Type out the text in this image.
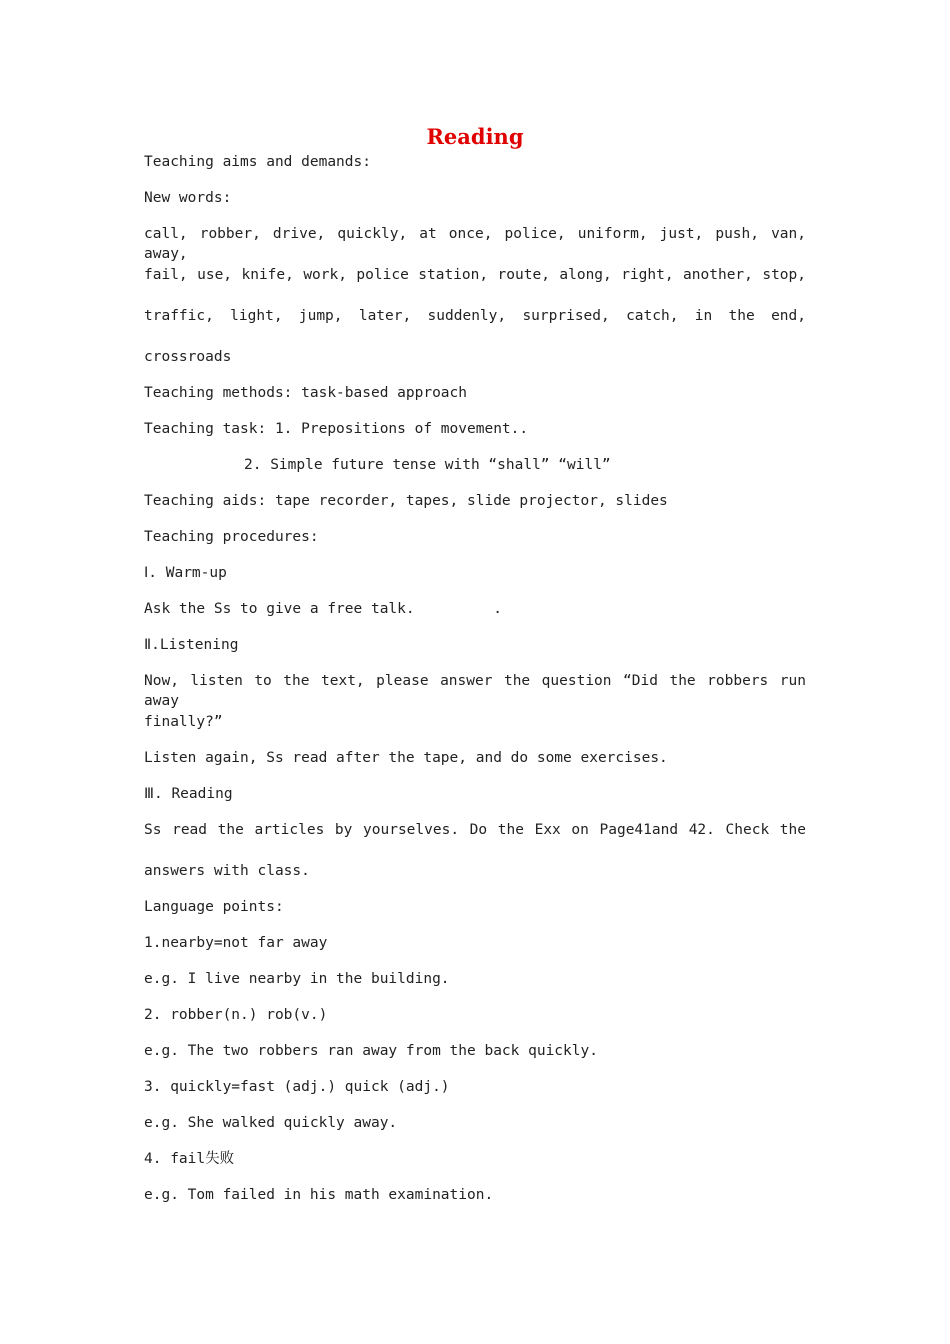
Reading
Teaching aims and demands:
New words:
call, robber, drive, quickly, at once, police, uniform, just, push, van, away,
fail, use, knife, work, police station, route, along, right, another, stop,
traffic, light, jump, later, suddenly, surprised, catch, in the end,
crossroads
Teaching methods: task-based approach
Teaching task: 1. Prepositions of movement..
2. Simple future tense with “shall” “will”
Teaching aids: tape recorder, tapes, slide projector, slides
Teaching procedures:
Ⅰ. Warm-up
Ask the Ss to give a free talk.         .
Ⅱ.Listening
Now, listen to the text, please answer the question “Did the robbers run away
finally?”
Listen again, Ss read after the tape, and do some exercises.
Ⅲ. Reading
Ss read the articles by yourselves. Do the Exx on Page41and 42. Check the
answers with class.
Language points:
1.nearby=not far away
e.g. I live nearby in the building.
2. robber(n.) rob(v.)
e.g. The two robbers ran away from the back quickly.
3. quickly=fast (adj.) quick (adj.)
e.g. She walked quickly away.
4. fail失败
e.g. Tom failed in his math examination.
